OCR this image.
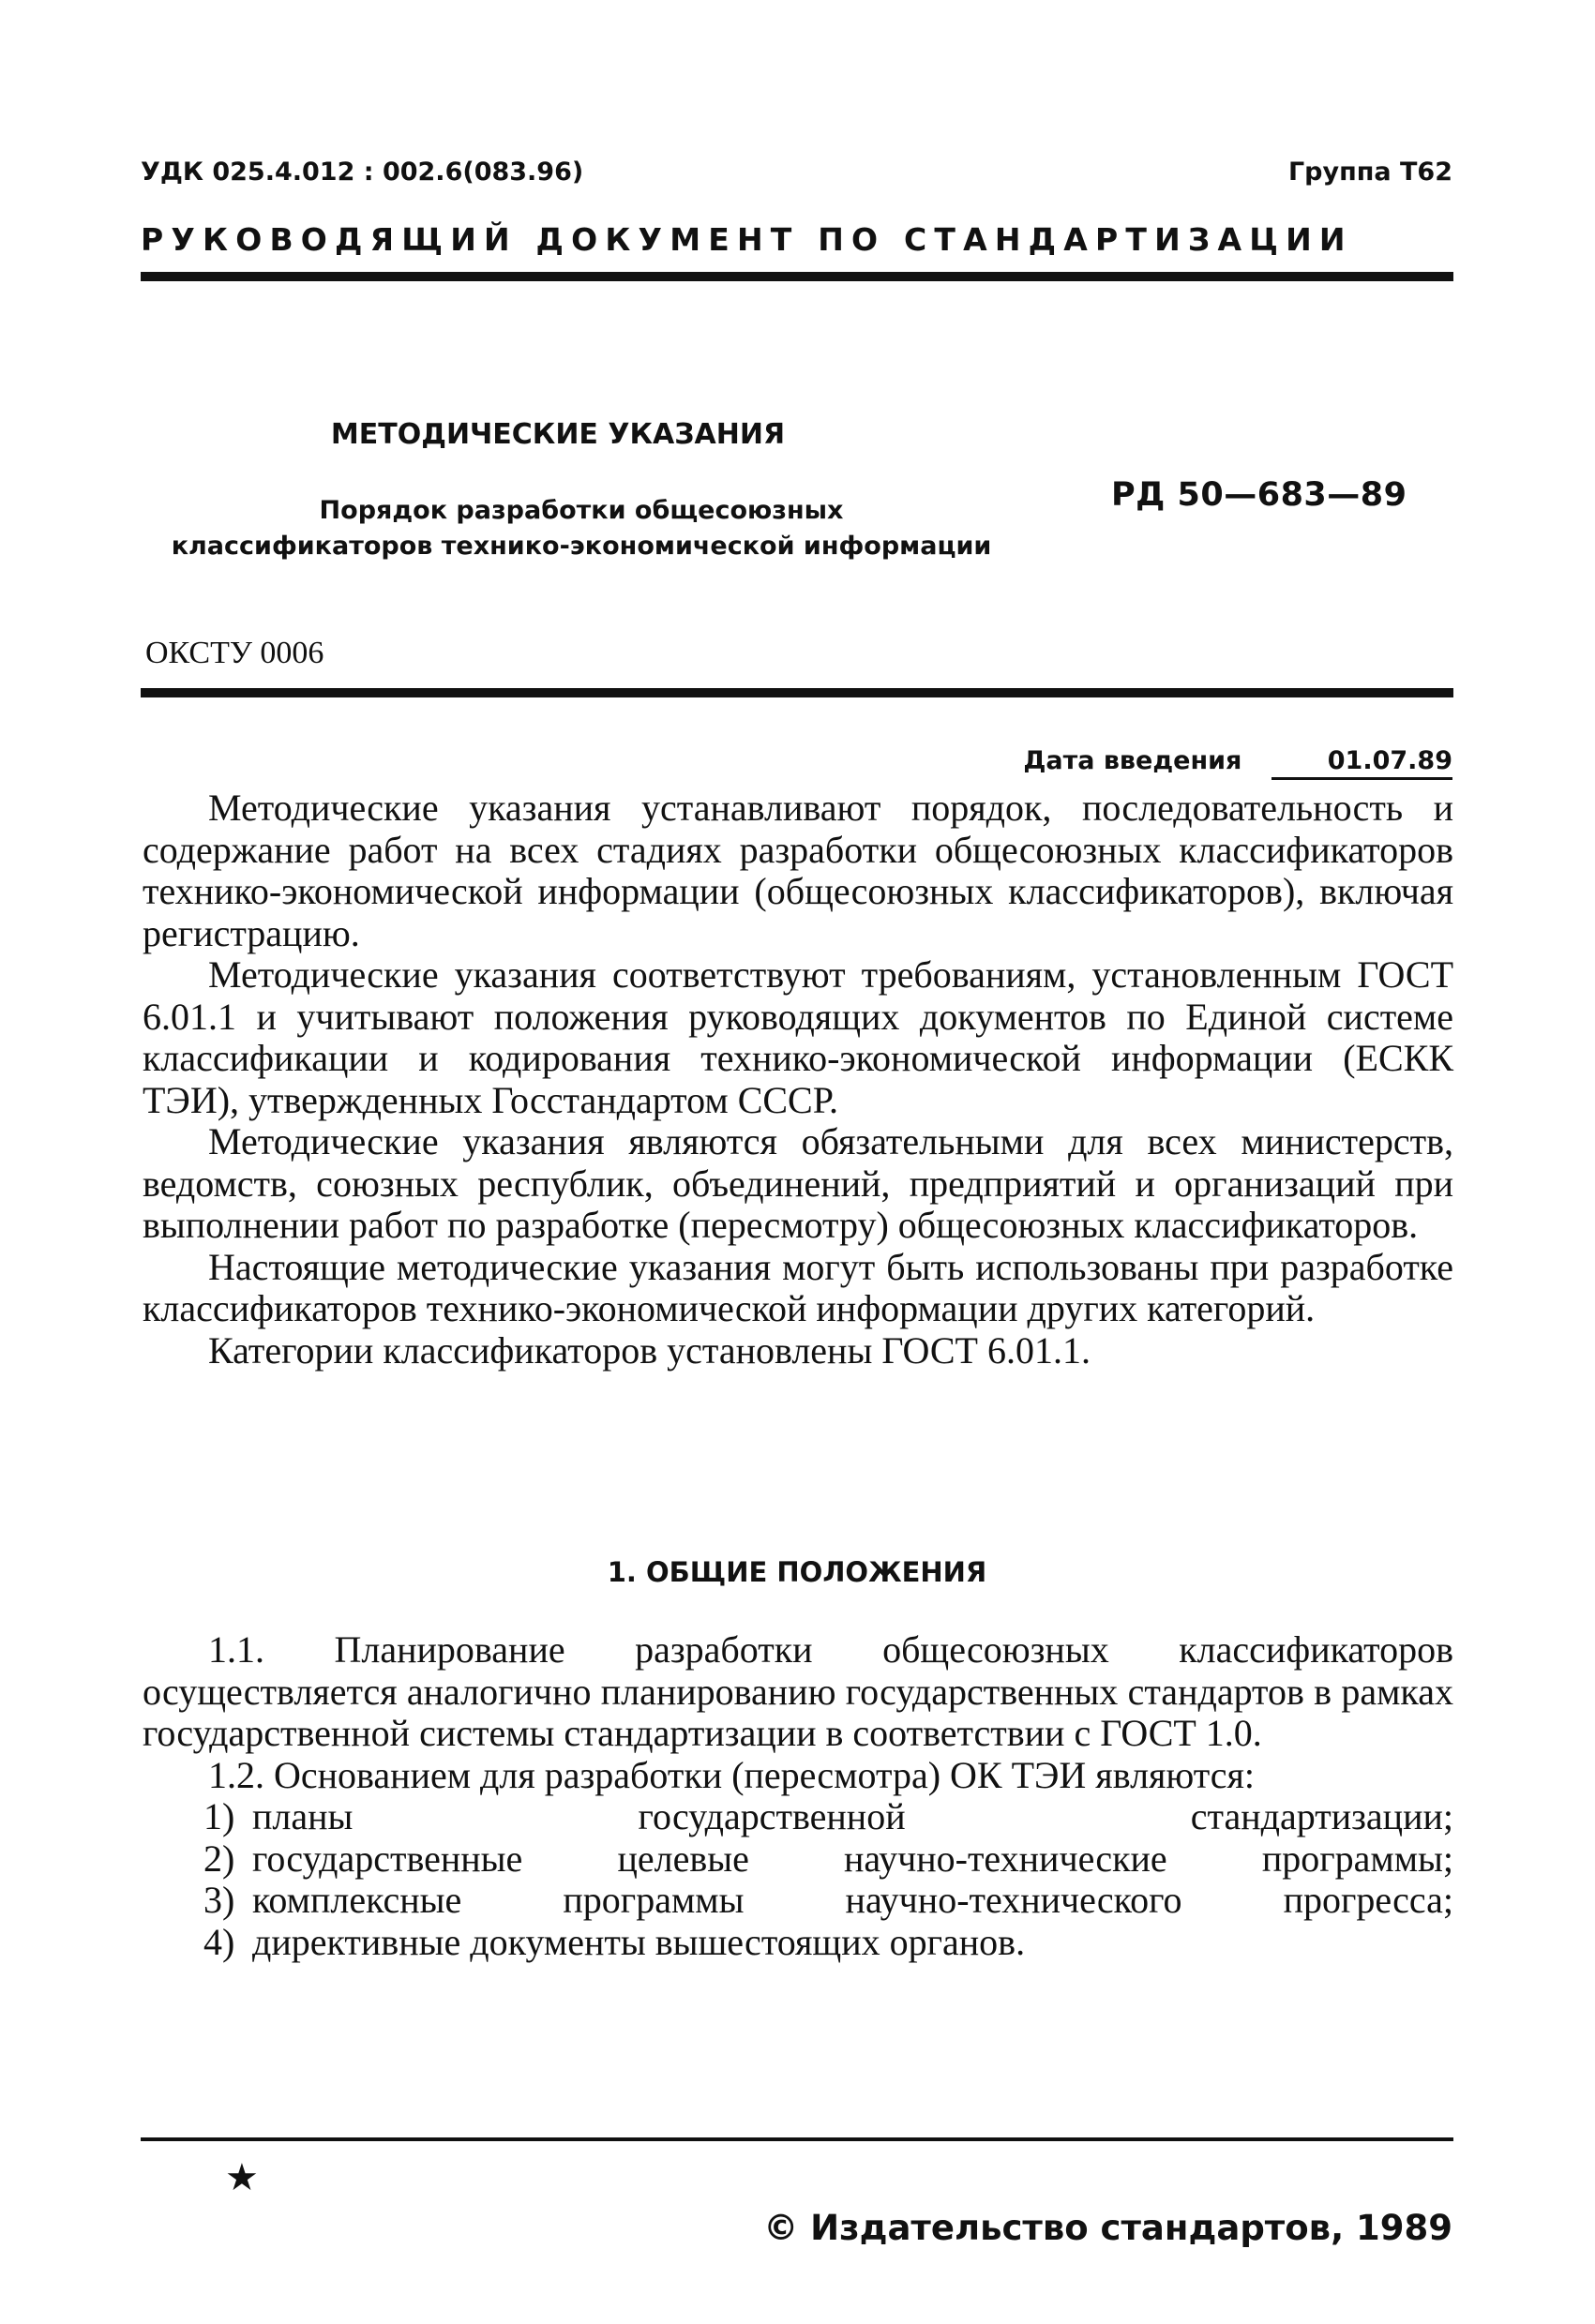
УДК 025.4.012 : 002.6(083.96)	Группа Т62
РУКОВОДЯЩИЙ ДОКУМЕНТ ПО СТАНДАРТИЗАЦИИ
МЕТОДИЧЕСКИЕ УКАЗАНИЯ
Порядок разработки общесоюзных
классификаторов технико-экономической информации
РД 50—683—89
ОКСТУ 0006
Дата введения	01.07.89

Методические указания устанавливают порядок, последовательность и содержание работ на всех стадиях разработки общесоюзных классификаторов технико-экономической информации (общесоюзных классификаторов), включая регистрацию.

Методические указания соответствуют требованиям, установленным ГОСТ 6.01.1 и учитывают положения руководящих документов по Единой системе классификации и кодирования технико-экономической информации (ЕСКК ТЭИ), утвержденных Госстандартом СССР.

Методические указания являются обязательными для всех министерств, ведомств, союзных республик, объединений, предприятий и организаций при выполнении работ по разработке (пересмотру) общесоюзных классификаторов.

Настоящие методические указания могут быть использованы при разработке классификаторов технико-экономической информации других категорий.

Категории классификаторов установлены ГОСТ 6.01.1.

1. ОБЩИЕ ПОЛОЖЕНИЯ

1.1. Планирование разработки общесоюзных классификаторов осуществляется аналогично планированию государственных стандартов в рамках государственной системы стандартизации в соответствии с ГОСТ 1.0.

1.2. Основанием для разработки (пересмотра) ОК ТЭИ являются:

1) планы государственной стандартизации;
2) государственные целевые научно-технические программы;
3) комплексные программы научно-технического прогресса;
4) директивные документы вышестоящих органов.
★
© Издательство стандартов, 1989
